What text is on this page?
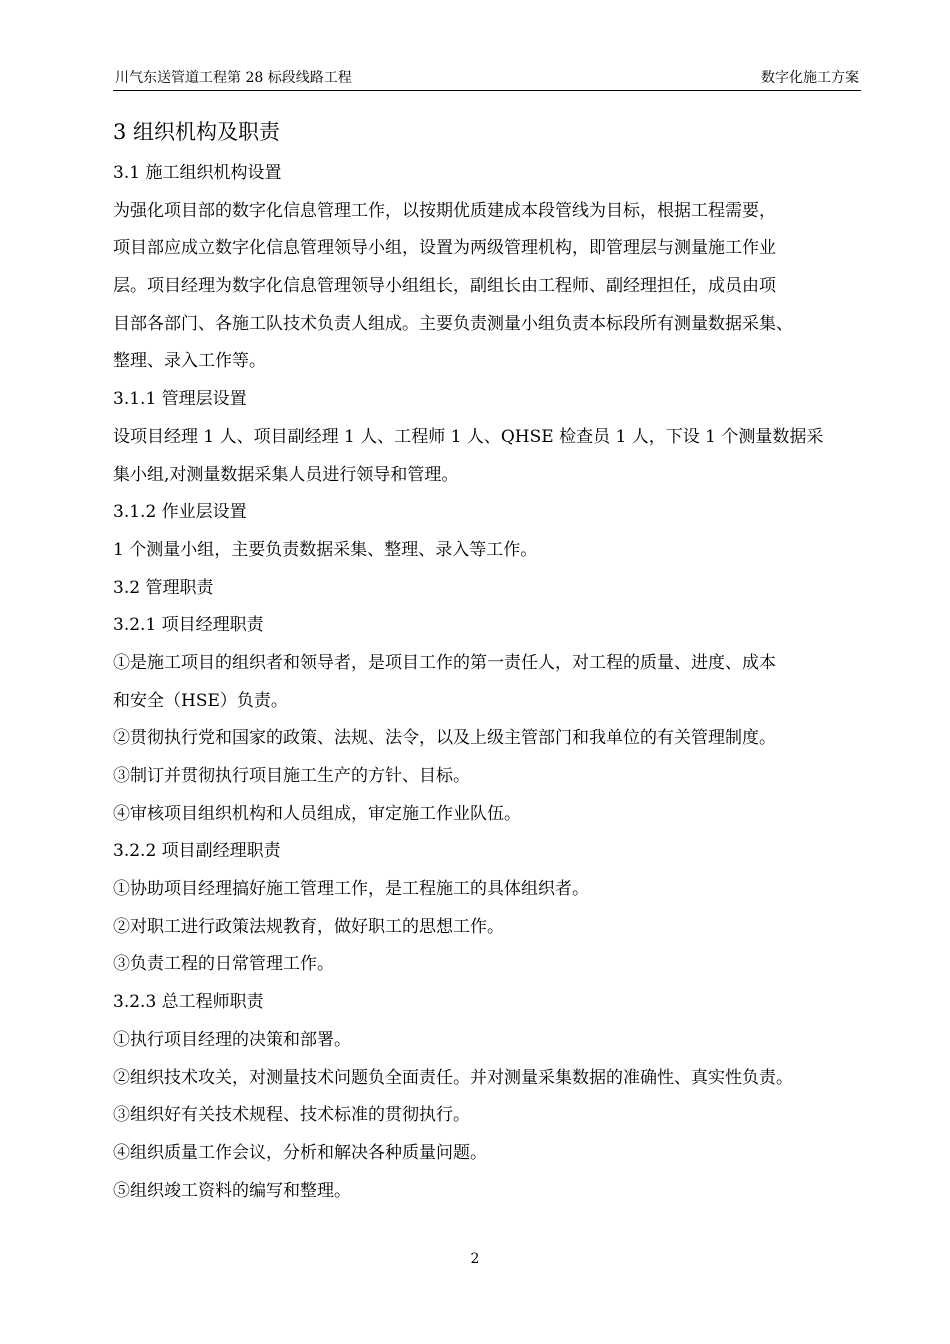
川气东送管道工程第 28 标段线路工程	数字化施工方案
3 组织机构及职责
3.1 施工组织机构设置
为强化项目部的数字化信息管理工作，以按期优质建成本段管线为目标，根据工程需要，
项目部应成立数字化信息管理领导小组，设置为两级管理机构，即管理层与测量施工作业
层。项目经理为数字化信息管理领导小组组长，副组长由工程师、副经理担任，成员由项
目部各部门、各施工队技术负责人组成。主要负责测量小组负责本标段所有测量数据采集、
整理、录入工作等。
3.1.1 管理层设置
设项目经理 1 人、项目副经理 1 人、工程师 1 人、QHSE 检查员 1 人，下设 1 个测量数据采
集小组,对测量数据采集人员进行领导和管理。
3.1.2 作业层设置
1 个测量小组，主要负责数据采集、整理、录入等工作。
3.2 管理职责
3.2.1 项目经理职责
①是施工项目的组织者和领导者，是项目工作的第一责任人，对工程的质量、进度、成本
和安全（HSE）负责。
②贯彻执行党和国家的政策、法规、法令，以及上级主管部门和我单位的有关管理制度。
③制订并贯彻执行项目施工生产的方针、目标。
④审核项目组织机构和人员组成，审定施工作业队伍。
3.2.2 项目副经理职责
①协助项目经理搞好施工管理工作，是工程施工的具体组织者。
②对职工进行政策法规教育，做好职工的思想工作。
③负责工程的日常管理工作。
3.2.3 总工程师职责
①执行项目经理的决策和部署。
②组织技术攻关，对测量技术问题负全面责任。并对测量采集数据的准确性、真实性负责。
③组织好有关技术规程、技术标准的贯彻执行。
④组织质量工作会议，分析和解决各种质量问题。
⑤组织竣工资料的编写和整理。
2
